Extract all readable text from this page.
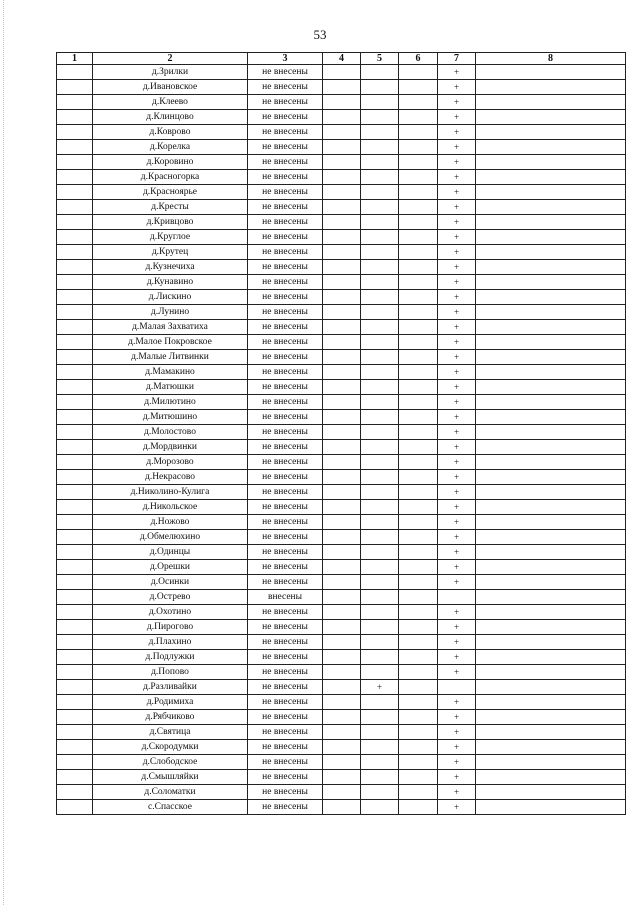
53
1	2	3	4	5	6	7	8
	д.Зрилки	не внесены				+	
	д.Ивановское	не внесены				+	
	д.Клеево	не внесены				+	
	д.Клинцово	не внесены				+	
	д.Коврово	не внесены				+	
	д.Корелка	не внесены				+	
	д.Коровино	не внесены				+	
	д.Красногорка	не внесены				+	
	д.Красноярье	не внесены				+	
	д.Кресты	не внесены				+	
	д.Кривцово	не внесены				+	
	д.Круглое	не внесены				+	
	д.Крутец	не внесены				+	
	д.Кузнечиха	не внесены				+	
	д.Кунавино	не внесены				+	
	д.Лискино	не внесены				+	
	д.Лунино	не внесены				+	
	д.Малая Захватиха	не внесены				+	
	д.Малое Покровское	не внесены				+	
	д.Малые Литвинки	не внесены				+	
	д.Мамакино	не внесены				+	
	д.Матюшки	не внесены				+	
	д.Милютино	не внесены				+	
	д.Митюшино	не внесены				+	
	д.Молостово	не внесены				+	
	д.Мордвинки	не внесены				+	
	д.Морозово	не внесены				+	
	д.Некрасово	не внесены				+	
	д.Николино-Кулига	не внесены				+	
	д.Никольское	не внесены				+	
	д.Ножово	не внесены				+	
	д.Обмелюхино	не внесены				+	
	д.Одинцы	не внесены				+	
	д.Орешки	не внесены				+	
	д.Осинки	не внесены				+	
	д.Острево	внесены					
	д.Охотино	не внесены				+	
	д.Пирогово	не внесены				+	
	д.Плахино	не внесены				+	
	д.Подлужки	не внесены				+	
	д.Попово	не внесены				+	
	д.Разливайки	не внесены		+			
	д.Родимиха	не внесены				+	
	д.Рябчиково	не внесены				+	
	д.Святица	не внесены				+	
	д.Скородумки	не внесены				+	
	д.Слободское	не внесены				+	
	д.Смышляйки	не внесены				+	
	д.Соломатки	не внесены				+	
	с.Спасское	не внесены				+	
